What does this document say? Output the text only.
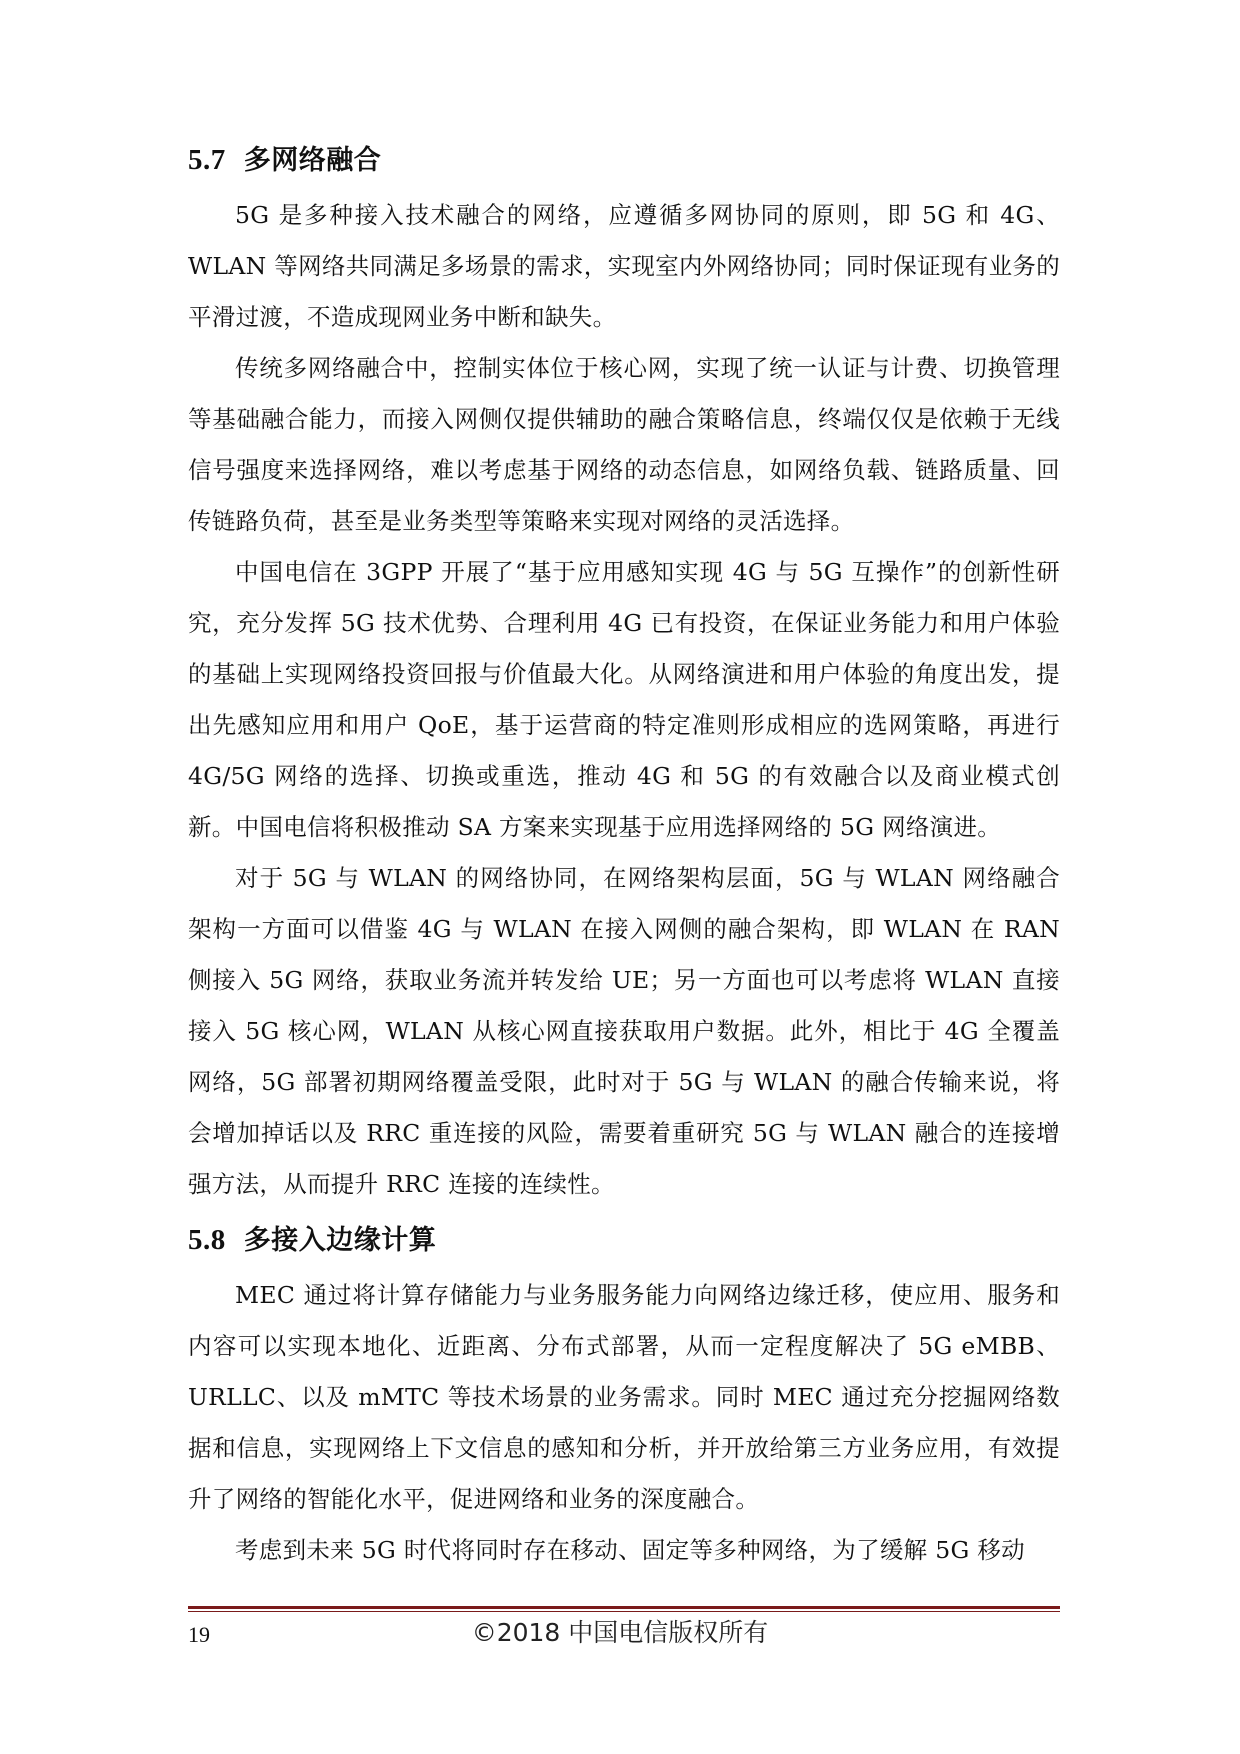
5.7 多网络融合

5G 是多种接入技术融合的网络，应遵循多网协同的原则，即 5G 和 4G、WLAN 等网络共同满足多场景的需求，实现室内外网络协同；同时保证现有业务的平滑过渡，不造成现网业务中断和缺失。

传统多网络融合中，控制实体位于核心网，实现了统一认证与计费、切换管理等基础融合能力，而接入网侧仅提供辅助的融合策略信息，终端仅仅是依赖于无线信号强度来选择网络，难以考虑基于网络的动态信息，如网络负载、链路质量、回传链路负荷，甚至是业务类型等策略来实现对网络的灵活选择。

中国电信在 3GPP 开展了“基于应用感知实现 4G 与 5G 互操作”的创新性研究，充分发挥 5G 技术优势、合理利用 4G 已有投资，在保证业务能力和用户体验的基础上实现网络投资回报与价值最大化。从网络演进和用户体验的角度出发，提出先感知应用和用户 QoE，基于运营商的特定准则形成相应的选网策略，再进行 4G/5G 网络的选择、切换或重选，推动 4G 和 5G 的有效融合以及商业模式创新。中国电信将积极推动 SA 方案来实现基于应用选择网络的 5G 网络演进。

对于 5G 与 WLAN 的网络协同，在网络架构层面，5G 与 WLAN 网络融合架构一方面可以借鉴 4G 与 WLAN 在接入网侧的融合架构，即 WLAN 在 RAN 侧接入 5G 网络，获取业务流并转发给 UE；另一方面也可以考虑将 WLAN 直接接入 5G 核心网，WLAN 从核心网直接获取用户数据。此外，相比于 4G 全覆盖网络，5G 部署初期网络覆盖受限，此时对于 5G 与 WLAN 的融合传输来说，将会增加掉话以及 RRC 重连接的风险，需要着重研究 5G 与 WLAN 融合的连接增强方法，从而提升 RRC 连接的连续性。

5.8 多接入边缘计算

MEC 通过将计算存储能力与业务服务能力向网络边缘迁移，使应用、服务和内容可以实现本地化、近距离、分布式部署，从而一定程度解决了 5G eMBB、URLLC、以及 mMTC 等技术场景的业务需求。同时 MEC 通过充分挖掘网络数据和信息，实现网络上下文信息的感知和分析，并开放给第三方业务应用，有效提升了网络的智能化水平，促进网络和业务的深度融合。

考虑到未来 5G 时代将同时存在移动、固定等多种网络，为了缓解 5G 移动

19	©2018 中国电信版权所有
